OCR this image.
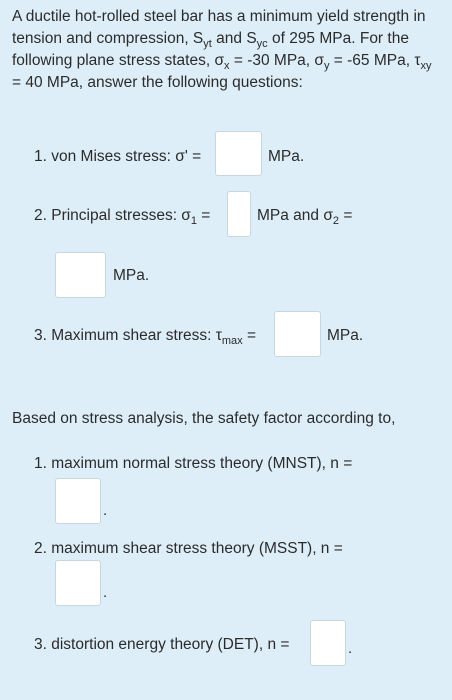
A ductile hot-rolled steel bar has a minimum yield strength in tension and compression, $S_{yt}$ and $S_{yc}$ of 295 MPa. For the following plane stress states, $\sigma_x = -30$ MPa, $\sigma_y = -65$ MPa, $\tau_{xy} = 40$ MPa, answer the following questions:
1. von Mises stress: σ' =	MPa.
2. Principal stresses: $\sigma_1$ =	MPa and $\sigma_2$ =
MPa.
3. Maximum shear stress: $\tau_{max}$ =	MPa.
Based on stress analysis, the safety factor according to,
1. maximum normal stress theory (MNST), n =
.
2. maximum shear stress theory (MSST), n =
.
3. distortion energy theory (DET), n =	.
